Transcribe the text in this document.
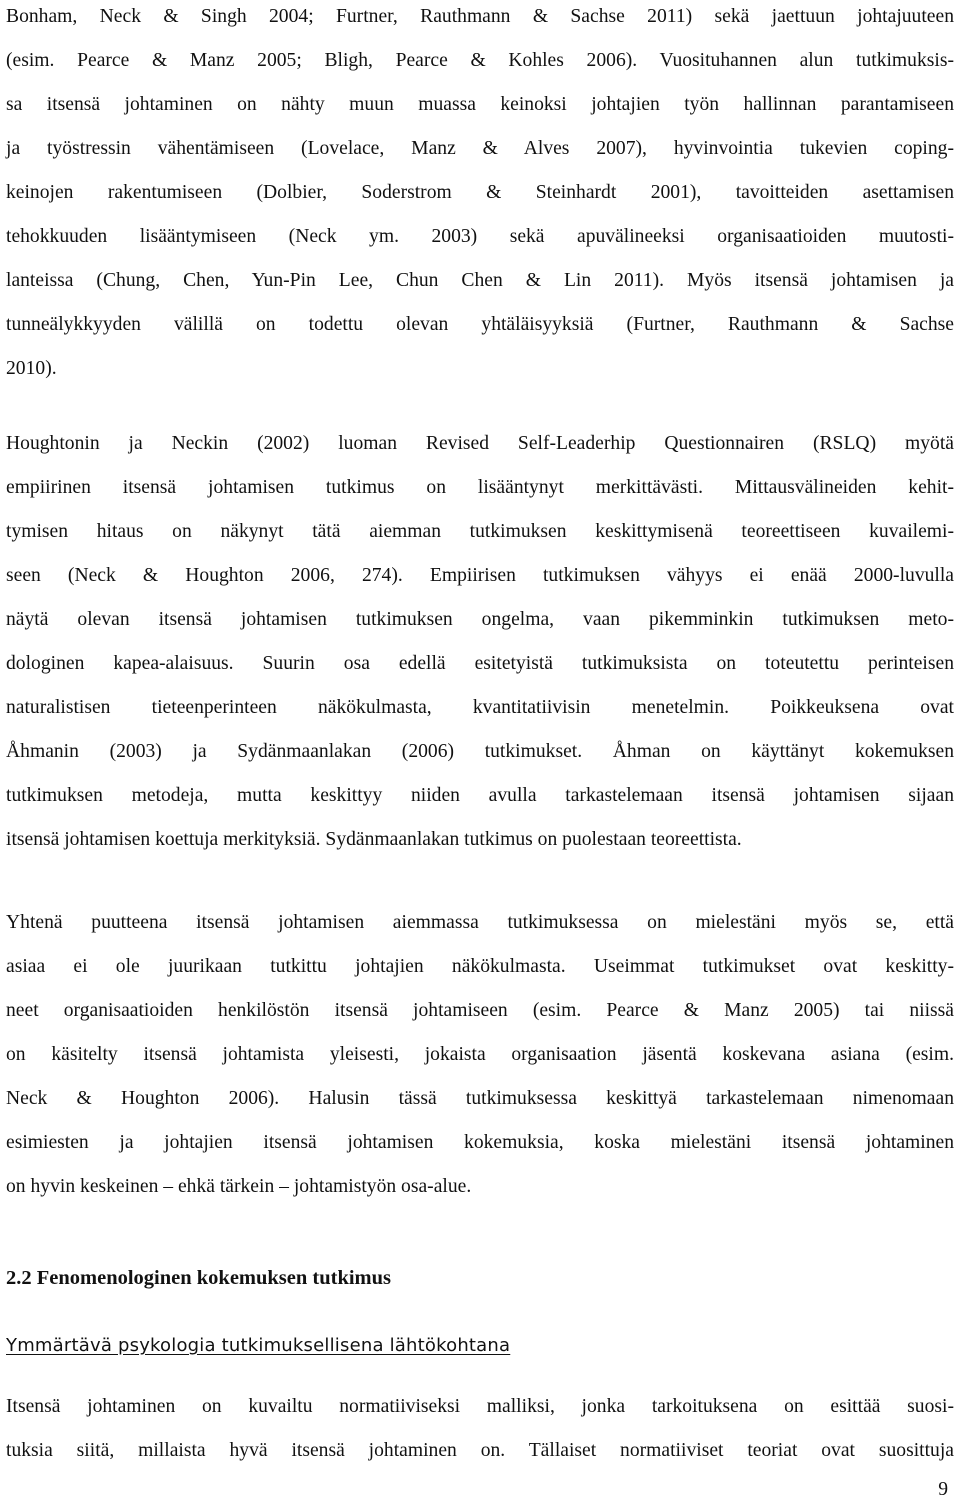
Bonham, Neck & Singh 2004; Furtner, Rauthmann & Sachse 2011) sekä jaettuun johtajuuteen
(esim. Pearce & Manz 2005; Bligh, Pearce & Kohles 2006). Vuosituhannen alun tutkimuksis-
sa itsensä johtaminen on nähty muun muassa keinoksi johtajien työn hallinnan parantamiseen
ja työstressin vähentämiseen (Lovelace, Manz & Alves 2007), hyvinvointia tukevien coping-
keinojen rakentumiseen (Dolbier, Soderstrom & Steinhardt 2001), tavoitteiden asettamisen
tehokkuuden lisääntymiseen (Neck ym. 2003) sekä apuvälineeksi organisaatioiden muutosti-
lanteissa (Chung, Chen, Yun-Pin Lee, Chun Chen & Lin 2011). Myös itsensä johtamisen ja
tunneälykkyyden välillä on todettu olevan yhtäläisyyksiä (Furtner, Rauthmann & Sachse
2010).
Houghtonin ja Neckin (2002) luoman Revised Self-Leaderhip Questionnairen (RSLQ) myötä
empiirinen itsensä johtamisen tutkimus on lisääntynyt merkittävästi. Mittausvälineiden kehit-
tymisen hitaus on näkynyt tätä aiemman tutkimuksen keskittymisenä teoreettiseen kuvailemi-
seen (Neck & Houghton 2006, 274). Empiirisen tutkimuksen vähyys ei enää 2000-luvulla
näytä olevan itsensä johtamisen tutkimuksen ongelma, vaan pikemminkin tutkimuksen meto-
dologinen kapea-alaisuus. Suurin osa edellä esitetyistä tutkimuksista on toteutettu perinteisen
naturalistisen tieteenperinteen näkökulmasta, kvantitatiivisin menetelmin. Poikkeuksena ovat
Åhmanin (2003) ja Sydänmaanlakan (2006) tutkimukset. Åhman on käyttänyt kokemuksen
tutkimuksen metodeja, mutta keskittyy niiden avulla tarkastelemaan itsensä johtamisen sijaan
itsensä johtamisen koettuja merkityksiä. Sydänmaanlakan tutkimus on puolestaan teoreettista.
Yhtenä puutteena itsensä johtamisen aiemmassa tutkimuksessa on mielestäni myös se, että
asiaa ei ole juurikaan tutkittu johtajien näkökulmasta. Useimmat tutkimukset ovat keskitty-
neet organisaatioiden henkilöstön itsensä johtamiseen (esim. Pearce & Manz 2005) tai niissä
on käsitelty itsensä johtamista yleisesti, jokaista organisaation jäsentä koskevana asiana (esim.
Neck & Houghton 2006). Halusin tässä tutkimuksessa keskittyä tarkastelemaan nimenomaan
esimiesten ja johtajien itsensä johtamisen kokemuksia, koska mielestäni itsensä johtaminen
on hyvin keskeinen – ehkä tärkein – johtamistyön osa-alue.
2.2 Fenomenologinen kokemuksen tutkimus
Ymmärtävä psykologia tutkimuksellisena lähtökohtana
Itsensä johtaminen on kuvailtu normatiiviseksi malliksi, jonka tarkoituksena on esittää suosi-
tuksia siitä, millaista hyvä itsensä johtaminen on. Tällaiset normatiiviset teoriat ovat suosittuja
9
